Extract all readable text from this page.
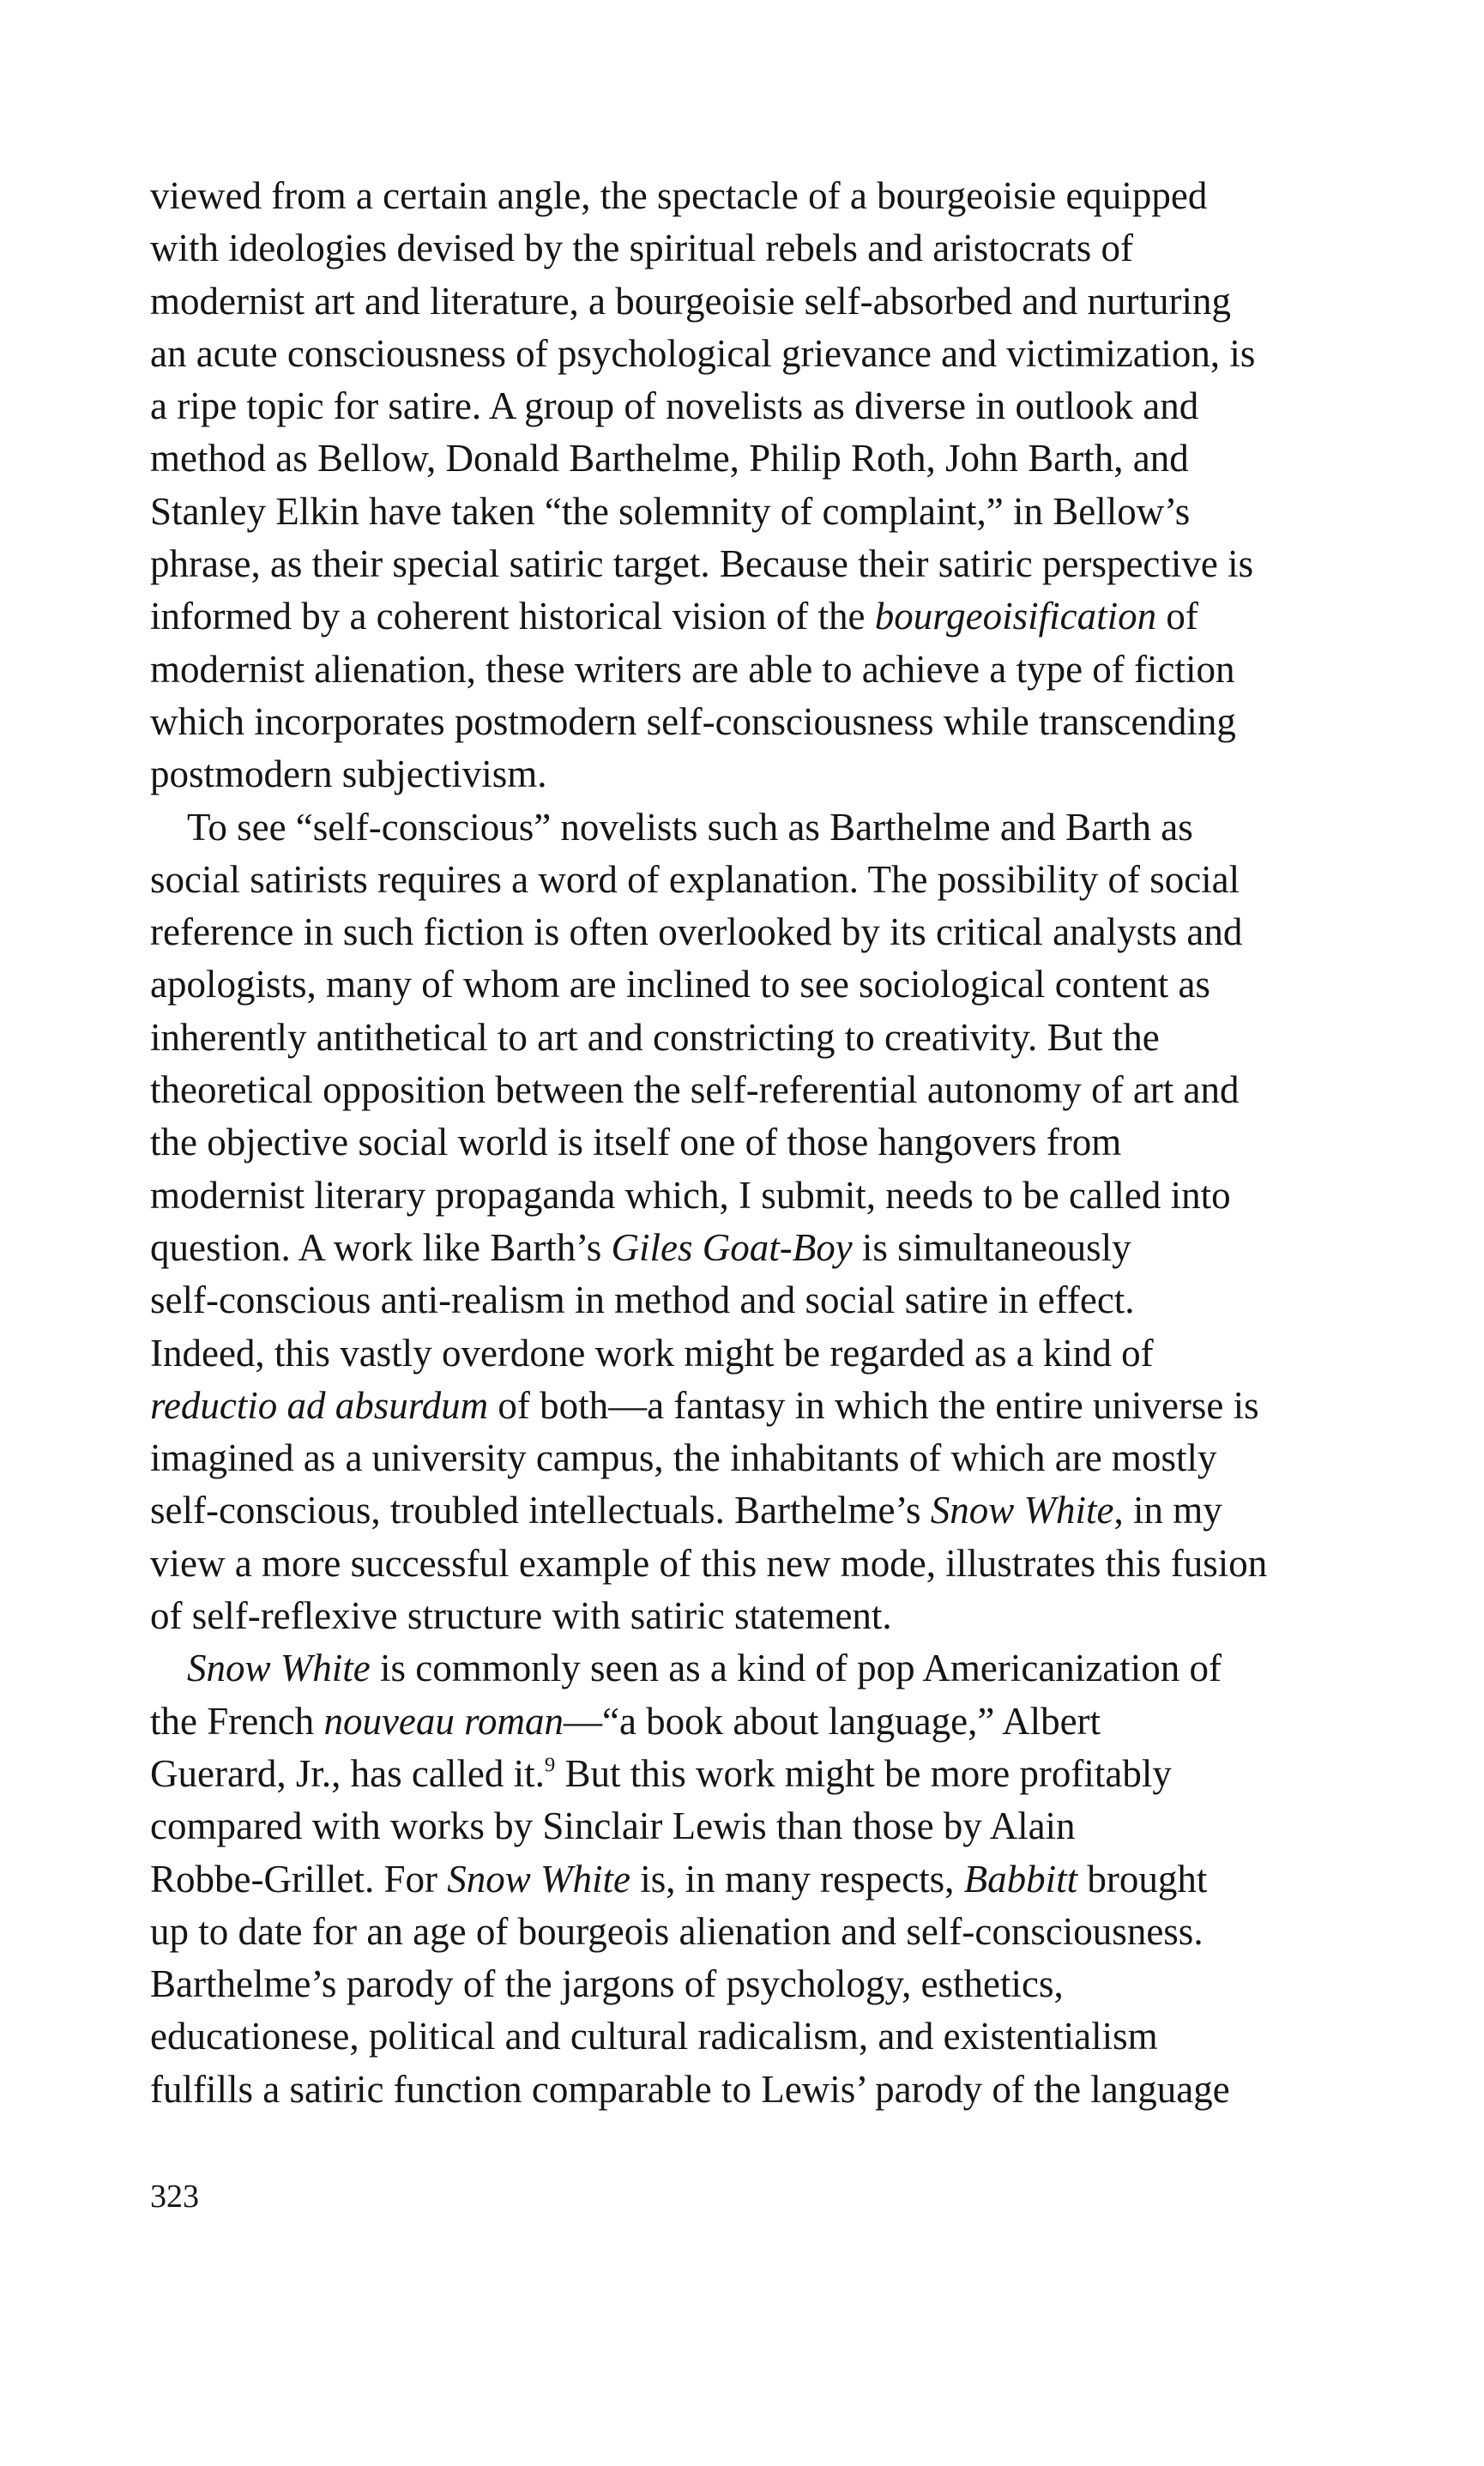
viewed from a certain angle, the spectacle of a bourgeoisie equipped
with ideologies devised by the spiritual rebels and aristocrats of
modernist art and literature, a bourgeoisie self-absorbed and nurturing
an acute consciousness of psychological grievance and victimization, is
a ripe topic for satire. A group of novelists as diverse in outlook and
method as Bellow, Donald Barthelme, Philip Roth, John Barth, and
Stanley Elkin have taken “the solemnity of complaint,” in Bellow’s
phrase, as their special satiric target. Because their satiric perspective is
informed by a coherent historical vision of the bourgeoisification of
modernist alienation, these writers are able to achieve a type of fiction
which incorporates postmodern self-consciousness while transcending
postmodern subjectivism.
To see “self-conscious” novelists such as Barthelme and Barth as
social satirists requires a word of explanation. The possibility of social
reference in such fiction is often overlooked by its critical analysts and
apologists, many of whom are inclined to see sociological content as
inherently antithetical to art and constricting to creativity. But the
theoretical opposition between the self-referential autonomy of art and
the objective social world is itself one of those hangovers from
modernist literary propaganda which, I submit, needs to be called into
question. A work like Barth’s Giles Goat-Boy is simultaneously
self-conscious anti-realism in method and social satire in effect.
Indeed, this vastly overdone work might be regarded as a kind of
reductio ad absurdum of both—a fantasy in which the entire universe is
imagined as a university campus, the inhabitants of which are mostly
self-conscious, troubled intellectuals. Barthelme’s Snow White, in my
view a more successful example of this new mode, illustrates this fusion
of self-reflexive structure with satiric statement.
Snow White is commonly seen as a kind of pop Americanization of
the French nouveau roman—“a book about language,” Albert
Guerard, Jr., has called it.$^9$ But this work might be more profitably
compared with works by Sinclair Lewis than those by Alain
Robbe-Grillet. For Snow White is, in many respects, Babbitt brought
up to date for an age of bourgeois alienation and self-consciousness.
Barthelme’s parody of the jargons of psychology, esthetics,
educationese, political and cultural radicalism, and existentialism
fulfills a satiric function comparable to Lewis’ parody of the language
323
